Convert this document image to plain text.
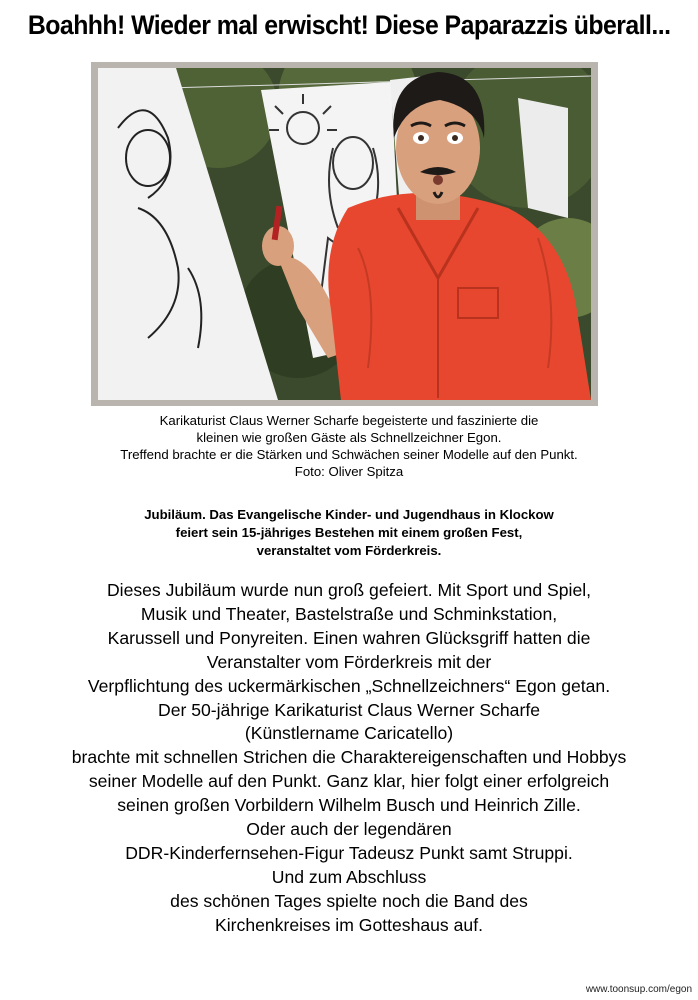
Boahhh! Wieder mal erwischt! Diese Paparazzis überall...
Karikaturist Claus Werner Scharfe begeisterte und faszinierte die
kleinen wie großen Gäste als Schnellzeichner Egon.
Treffend brachte er die Stärken und Schwächen seiner Modelle auf den Punkt.
Foto: Oliver Spitza
Jubiläum. Das Evangelische Kinder- und Jugendhaus in Klockow
feiert sein 15-jähriges Bestehen mit einem großen Fest,
veranstaltet vom Förderkreis.
Dieses Jubiläum wurde nun groß gefeiert. Mit Sport und Spiel,
Musik und Theater, Bastelstraße und Schminkstation,
Karussell und Ponyreiten. Einen wahren Glücksgriff hatten die
Veranstalter vom Förderkreis mit der
Verpflichtung des uckermärkischen „Schnellzeichners“ Egon getan.
Der 50-jährige Karikaturist Claus Werner Scharfe
(Künstlername Caricatello)
brachte mit schnellen Strichen die Charaktereigenschaften und Hobbys
seiner Modelle auf den Punkt. Ganz klar, hier folgt einer erfolgreich
seinen großen Vorbildern Wilhelm Busch und Heinrich Zille.
Oder auch der legendären
DDR-Kinderfernsehen-Figur Tadeusz Punkt samt Struppi.
Und zum Abschluss
des schönen Tages spielte noch die Band des
Kirchenkreises im Gotteshaus auf.
www.toonsup.com/egon
